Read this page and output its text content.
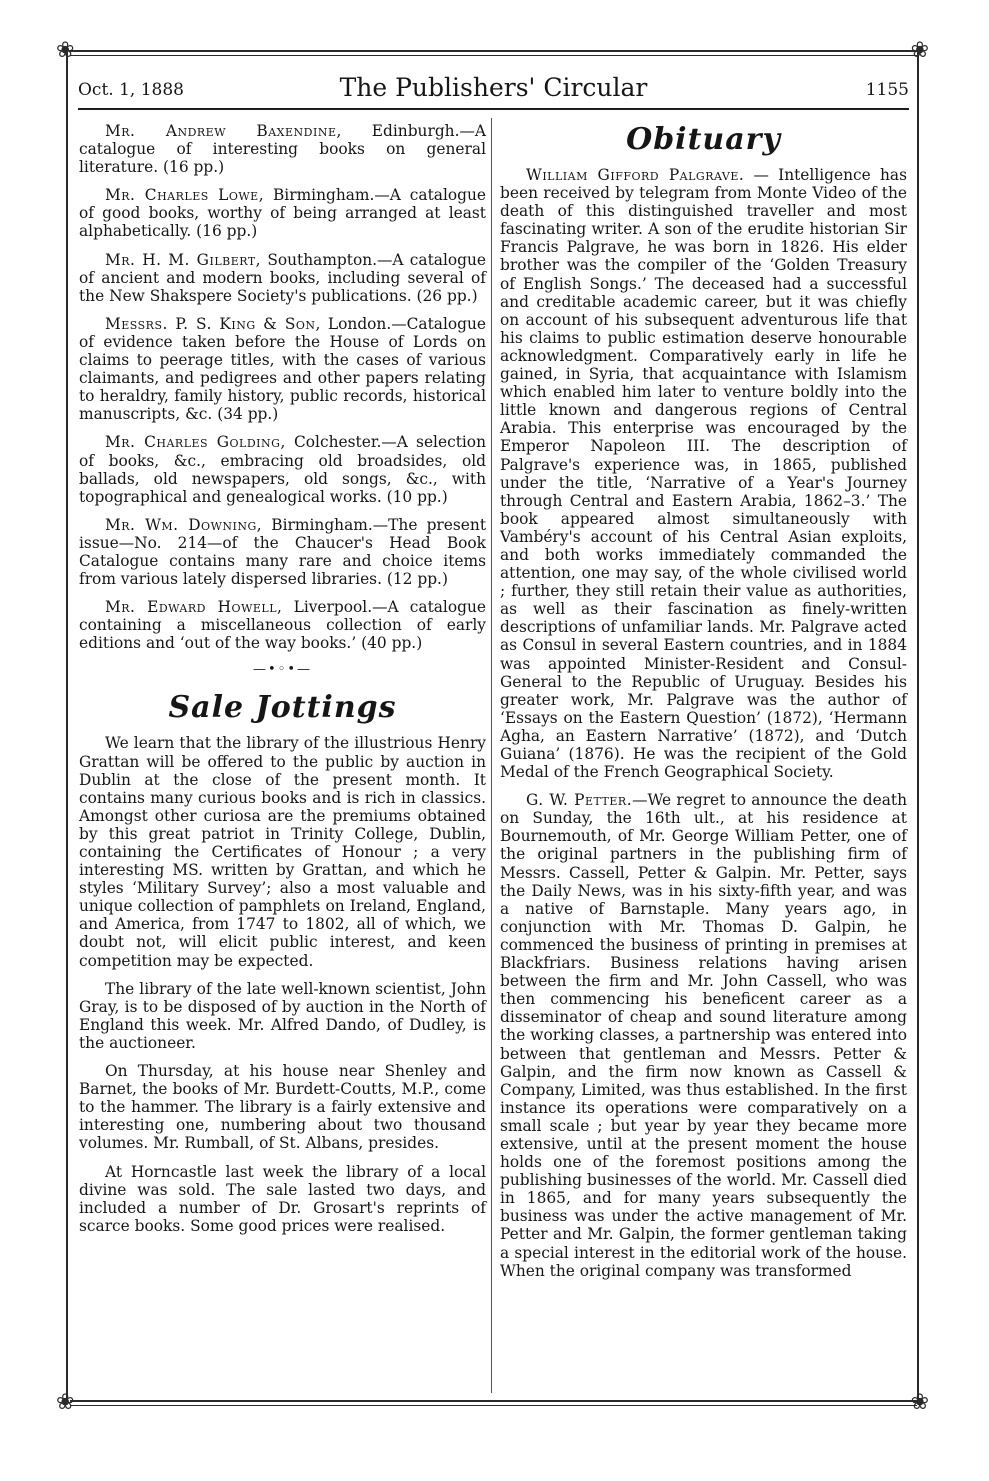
❀	❀
❀	❀
Oct. 1, 1888	The Publishers' Circular	1155

Mr. Andrew Baxendine, Edinburgh.—A catalogue of interesting books on general literature. (16 pp.)

Mr. Charles Lowe, Birmingham.—A catalogue of good books, worthy of being arranged at least alphabetically. (16 pp.)

Mr. H. M. Gilbert, Southampton.—A catalogue of ancient and modern books, including several of the New Shakspere Society's publications. (26 pp.)

Messrs. P. S. King & Son, London.—Catalogue of evidence taken before the House of Lords on claims to peerage titles, with the cases of various claimants, and pedigrees and other papers relating to heraldry, family history, public records, historical manuscripts, &c. (34 pp.)

Mr. Charles Golding, Colchester.—A selection of books, &c., embracing old broadsides, old ballads, old newspapers, old songs, &c., with topographical and genealogical works. (10 pp.)

Mr. Wm. Downing, Birmingham.—The present issue—No. 214—of the Chaucer's Head Book Catalogue contains many rare and choice items from various lately dispersed libraries. (12 pp.)

Mr. Edward Howell, Liverpool.—A catalogue containing a miscellaneous collection of early editions and ‘out of the way books.’ (40 pp.)

—•◦•—
Sale Jottings

We learn that the library of the illustrious Henry Grattan will be offered to the public by auction in Dublin at the close of the present month. It contains many curious books and is rich in classics. Amongst other curiosa are the premiums obtained by this great patriot in Trinity College, Dublin, containing the Certificates of Honour ; a very interesting MS. written by Grattan, and which he styles ‘Military Survey’; also a most valuable and unique collection of pamphlets on Ireland, England, and America, from 1747 to 1802, all of which, we doubt not, will elicit public interest, and keen competition may be expected.

The library of the late well-known scientist, John Gray, is to be disposed of by auction in the North of England this week. Mr. Alfred Dando, of Dudley, is the auctioneer.

On Thursday, at his house near Shenley and Barnet, the books of Mr. Burdett-Coutts, M.P., come to the hammer. The library is a fairly extensive and interesting one, numbering about two thousand volumes. Mr. Rumball, of St. Albans, presides.

At Horncastle last week the library of a local divine was sold. The sale lasted two days, and included a number of Dr. Grosart's reprints of scarce books. Some good prices were realised.

Obituary

William Gifford Palgrave. — Intelligence has been received by telegram from Monte Video of the death of this distinguished traveller and most fascinating writer. A son of the erudite historian Sir Francis Palgrave, he was born in 1826. His elder brother was the compiler of the ‘Golden Treasury of English Songs.’ The deceased had a successful and creditable academic career, but it was chiefly on account of his subsequent adventurous life that his claims to public estimation deserve honourable acknowledgment. Comparatively early in life he gained, in Syria, that acquaintance with Islamism which enabled him later to venture boldly into the little known and dangerous regions of Central Arabia. This enterprise was encouraged by the Emperor Napoleon III. The description of Palgrave's experience was, in 1865, published under the title, ‘Narrative of a Year's Journey through Central and Eastern Arabia, 1862–3.’ The book appeared almost simultaneously with Vambéry's account of his Central Asian exploits, and both works immediately commanded the attention, one may say, of the whole civilised world ; further, they still retain their value as authorities, as well as their fascination as finely-written descriptions of unfamiliar lands. Mr. Palgrave acted as Consul in several Eastern countries, and in 1884 was appointed Minister-Resident and Consul-General to the Republic of Uruguay. Besides his greater work, Mr. Palgrave was the author of ‘Essays on the Eastern Question’ (1872), ‘Hermann Agha, an Eastern Narrative’ (1872), and ‘Dutch Guiana’ (1876). He was the recipient of the Gold Medal of the French Geographical Society.

G. W. Petter.—We regret to announce the death on Sunday, the 16th ult., at his residence at Bournemouth, of Mr. George William Petter, one of the original partners in the publishing firm of Messrs. Cassell, Petter & Galpin. Mr. Petter, says the Daily News, was in his sixty-fifth year, and was a native of Barnstaple. Many years ago, in conjunction with Mr. Thomas D. Galpin, he commenced the business of printing in premises at Blackfriars. Business relations having arisen between the firm and Mr. John Cassell, who was then commencing his beneficent career as a disseminator of cheap and sound literature among the working classes, a partnership was entered into between that gentleman and Messrs. Petter & Galpin, and the firm now known as Cassell & Company, Limited, was thus established. In the first instance its operations were comparatively on a small scale ; but year by year they became more extensive, until at the present moment the house holds one of the foremost positions among the publishing businesses of the world. Mr. Cassell died in 1865, and for many years subsequently the business was under the active management of Mr. Petter and Mr. Galpin, the former gentleman taking a special interest in the editorial work of the house. When the original company was transformed
